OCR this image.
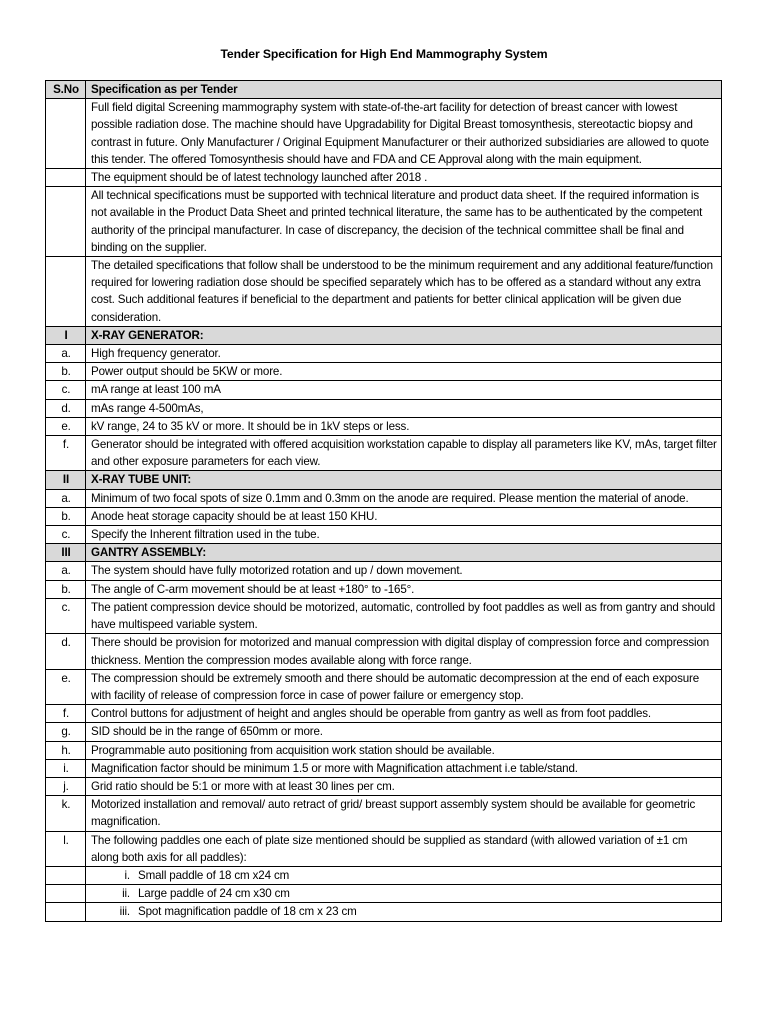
Tender Specification for High End Mammography System
S.No	Specification as per Tender
	Full field digital Screening mammography system with state-of-the-art facility for detection of breast cancer with lowest possible radiation dose. The machine should have Upgradability for Digital Breast tomosynthesis, stereotactic biopsy and contrast in future. Only Manufacturer / Original Equipment Manufacturer or their authorized subsidiaries are allowed to quote this tender. The offered Tomosynthesis should have and FDA and CE Approval along with the main equipment.
	The equipment should be of latest technology launched after 2018 .
	All technical specifications must be supported with technical literature and product data sheet. If the required information is not available in the Product Data Sheet and printed technical literature, the same has to be authenticated by the competent authority of the principal manufacturer. In case of discrepancy, the decision of the technical committee shall be final and binding on the supplier.
	The detailed specifications that follow shall be understood to be the minimum requirement and any additional feature/function required for lowering radiation dose should be specified separately which has to be offered as a standard without any extra cost. Such additional features if beneficial to the department and patients for better clinical application will be given due consideration.
I	X-RAY GENERATOR:
a.	High frequency generator.
b.	Power output should be 5KW or more.
c.	mA range at least 100 mA
d.	mAs range 4-500mAs,
e.	kV range, 24 to 35 kV or more. It should be in 1kV steps or less.
f.	Generator should be integrated with offered acquisition workstation capable to display all parameters like KV, mAs, target filter and other exposure parameters for each view.
II	X-RAY TUBE UNIT:
a.	Minimum of two focal spots of size 0.1mm and 0.3mm on the anode are required. Please mention the material of anode.
b.	Anode heat storage capacity should be at least 150 KHU.
c.	Specify the Inherent filtration used in the tube.
III	GANTRY ASSEMBLY:
a.	The system should have fully motorized rotation and up / down movement.
b.	The angle of C-arm movement should be at least +180° to -165°.
c.	The patient compression device should be motorized, automatic, controlled by foot paddles as well as from gantry and should have multispeed variable system.
d.	There should be provision for motorized and manual compression with digital display of compression force and compression thickness. Mention the compression modes available along with force range.
e.	The compression should be extremely smooth and there should be automatic decompression at the end of each exposure with facility of release of compression force in case of power failure or emergency stop.
f.	Control buttons for adjustment of height and angles should be operable from gantry as well as from foot paddles.
g.	SID should be in the range of 650mm or more.
h.	Programmable auto positioning from acquisition work station should be available.
i.	Magnification factor should be minimum 1.5 or more with Magnification attachment i.e table/stand.
j.	Grid ratio should be 5:1 or more with at least 30 lines per cm.
k.	Motorized installation and removal/ auto retract of grid/ breast support assembly system should be available for geometric magnification.
l.	The following paddles one each of plate size mentioned should be supplied as standard (with allowed variation of ±1 cm along both axis for all paddles):

	i. Small paddle of 18 cm x24 cm

	ii. Large paddle of 24 cm x30 cm

	iii. Spot magnification paddle of 18 cm x 23 cm
